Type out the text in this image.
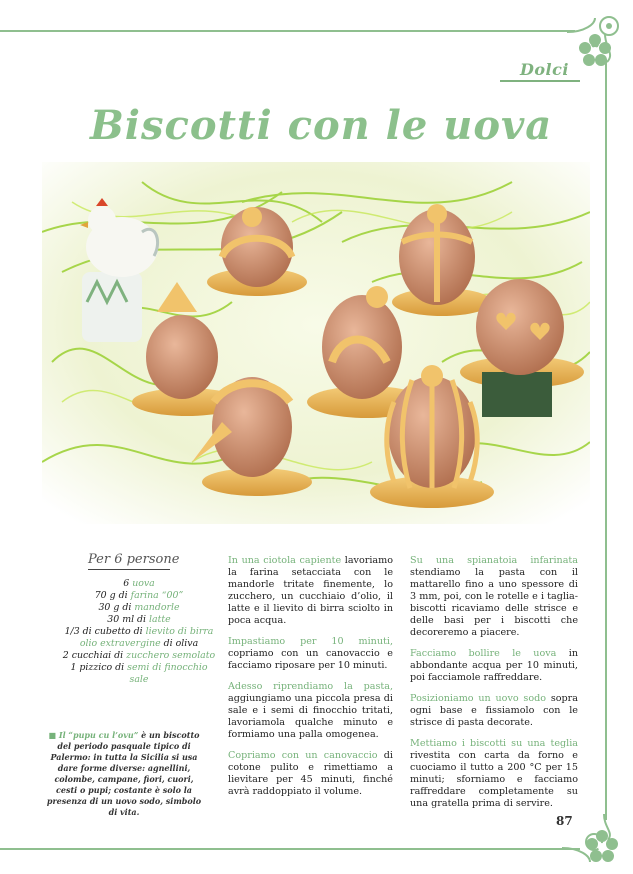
Dolci
Biscotti con le uova
Per 6 persone
6 uova
70 g di farina “00”
30 g di mandorle
30 ml di latte
1/3 di cubetto di lievito di birra
olio extravergine di oliva
2 cucchiai di zucchero semolato
1 pizzico di semi di finocchio
sale
■ Il “pupu cu l’ovu” è un biscotto del periodo pasquale tipico di Palermo: in tutta la Sicilia si usa dare forme diverse: agnellini, colombe, campane, fiori, cuori, cesti o pupi; costante è solo la presenza di un uovo sodo, simbolo di vita.

In una ciotola capiente lavoriamo la farina setacciata con le mandorle tritate finemente, lo zucchero, un cucchiaio d’olio, il latte e il lievito di birra sciolto in poca acqua.

Impastiamo per 10 minuti, copriamo con un canovaccio e facciamo riposare per 10 minuti.

Adesso riprendiamo la pasta, aggiungiamo una piccola presa di sale e i semi di finocchio tritati, lavoriamola qualche minuto e formiamo una palla omogenea.

Copriamo con un canovaccio di cotone pulito e rimettiamo a lievitare per 45 minuti, finché avrà raddoppiato il volume.

Su una spianatoia infarinata stendiamo la pasta con il mattarello fino a uno spessore di 3 mm, poi, con le rotelle e i taglia-biscotti ricaviamo delle strisce e delle basi per i biscotti che decoreremo a piacere.

Facciamo bollire le uova in abbondante acqua per 10 minuti, poi facciamole raffreddare.

Posizioniamo un uovo sodo sopra ogni base e fissiamolo con le strisce di pasta decorate.

Mettiamo i biscotti su una teglia rivestita con carta da forno e cuociamo il tutto a 200 °C per 15 minuti; sforniamo e facciamo raffreddare completamente su una gratella prima di servire.

87
